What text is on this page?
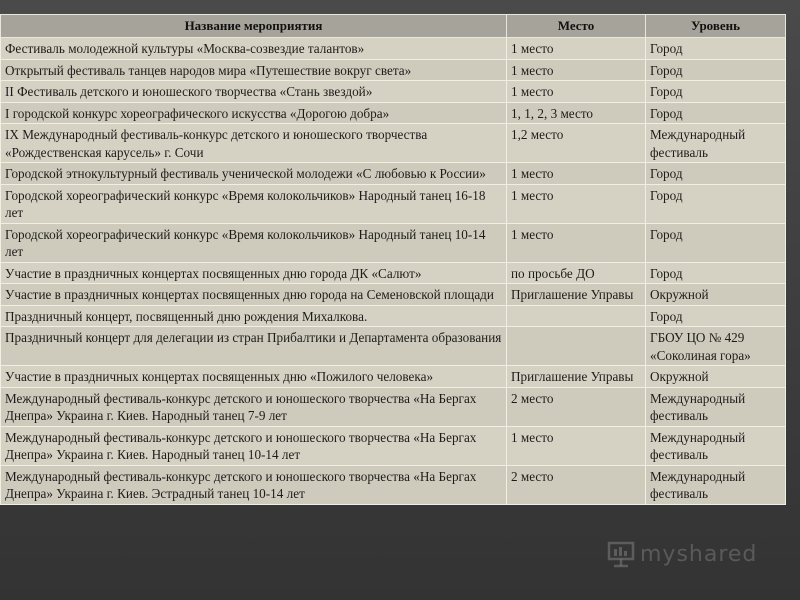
Название мероприятия	Место	Уровень
Фестиваль молодежной культуры «Москва-созвездие талантов»	1 место	Город
Открытый фестиваль танцев народов мира «Путешествие вокруг света»	1 место	Город
II Фестиваль детского и юношеского творчества «Стань звездой»	1 место	Город
I городской конкурс хореографического искусства «Дорогою добра»	1, 1, 2, 3 место	Город
IX Международный фестиваль-конкурс детского и юношеского творчества «Рождественская карусель» г. Сочи	1,2 место	Международный фестиваль
Городской этнокультурный фестиваль ученической молодежи «С любовью к России»	1 место	Город
Городской хореографический конкурс «Время колокольчиков» Народный танец 16-18 лет	1 место	Город
Городской хореографический конкурс «Время колокольчиков» Народный танец 10-14 лет	1 место	Город
Участие в праздничных концертах посвященных дню города ДК «Салют»	по просьбе ДО	Город
Участие в праздничных концертах посвященных дню города на Семеновской площади	Приглашение Управы	Окружной
Праздничный концерт, посвященный дню рождения Михалкова.		Город
Праздничный концерт для делегации из стран Прибалтики и Департамента образования		ГБОУ ЦО № 429 «Соколиная гора»
Участие в праздничных концертах посвященных дню «Пожилого человека»	Приглашение Управы	Окружной
Международный фестиваль-конкурс детского и юношеского творчества «На Бергах Днепра» Украина г. Киев. Народный танец 7-9 лет	2 место	Международный фестиваль
Международный фестиваль-конкурс детского и юношеского творчества «На Бергах Днепра» Украина г. Киев. Народный танец 10-14 лет	1 место	Международный фестиваль
Международный фестиваль-конкурс детского и юношеского творчества «На Бергах Днепра» Украина г. Киев. Эстрадный танец 10-14 лет	2 место	Международный фестиваль
myshared
